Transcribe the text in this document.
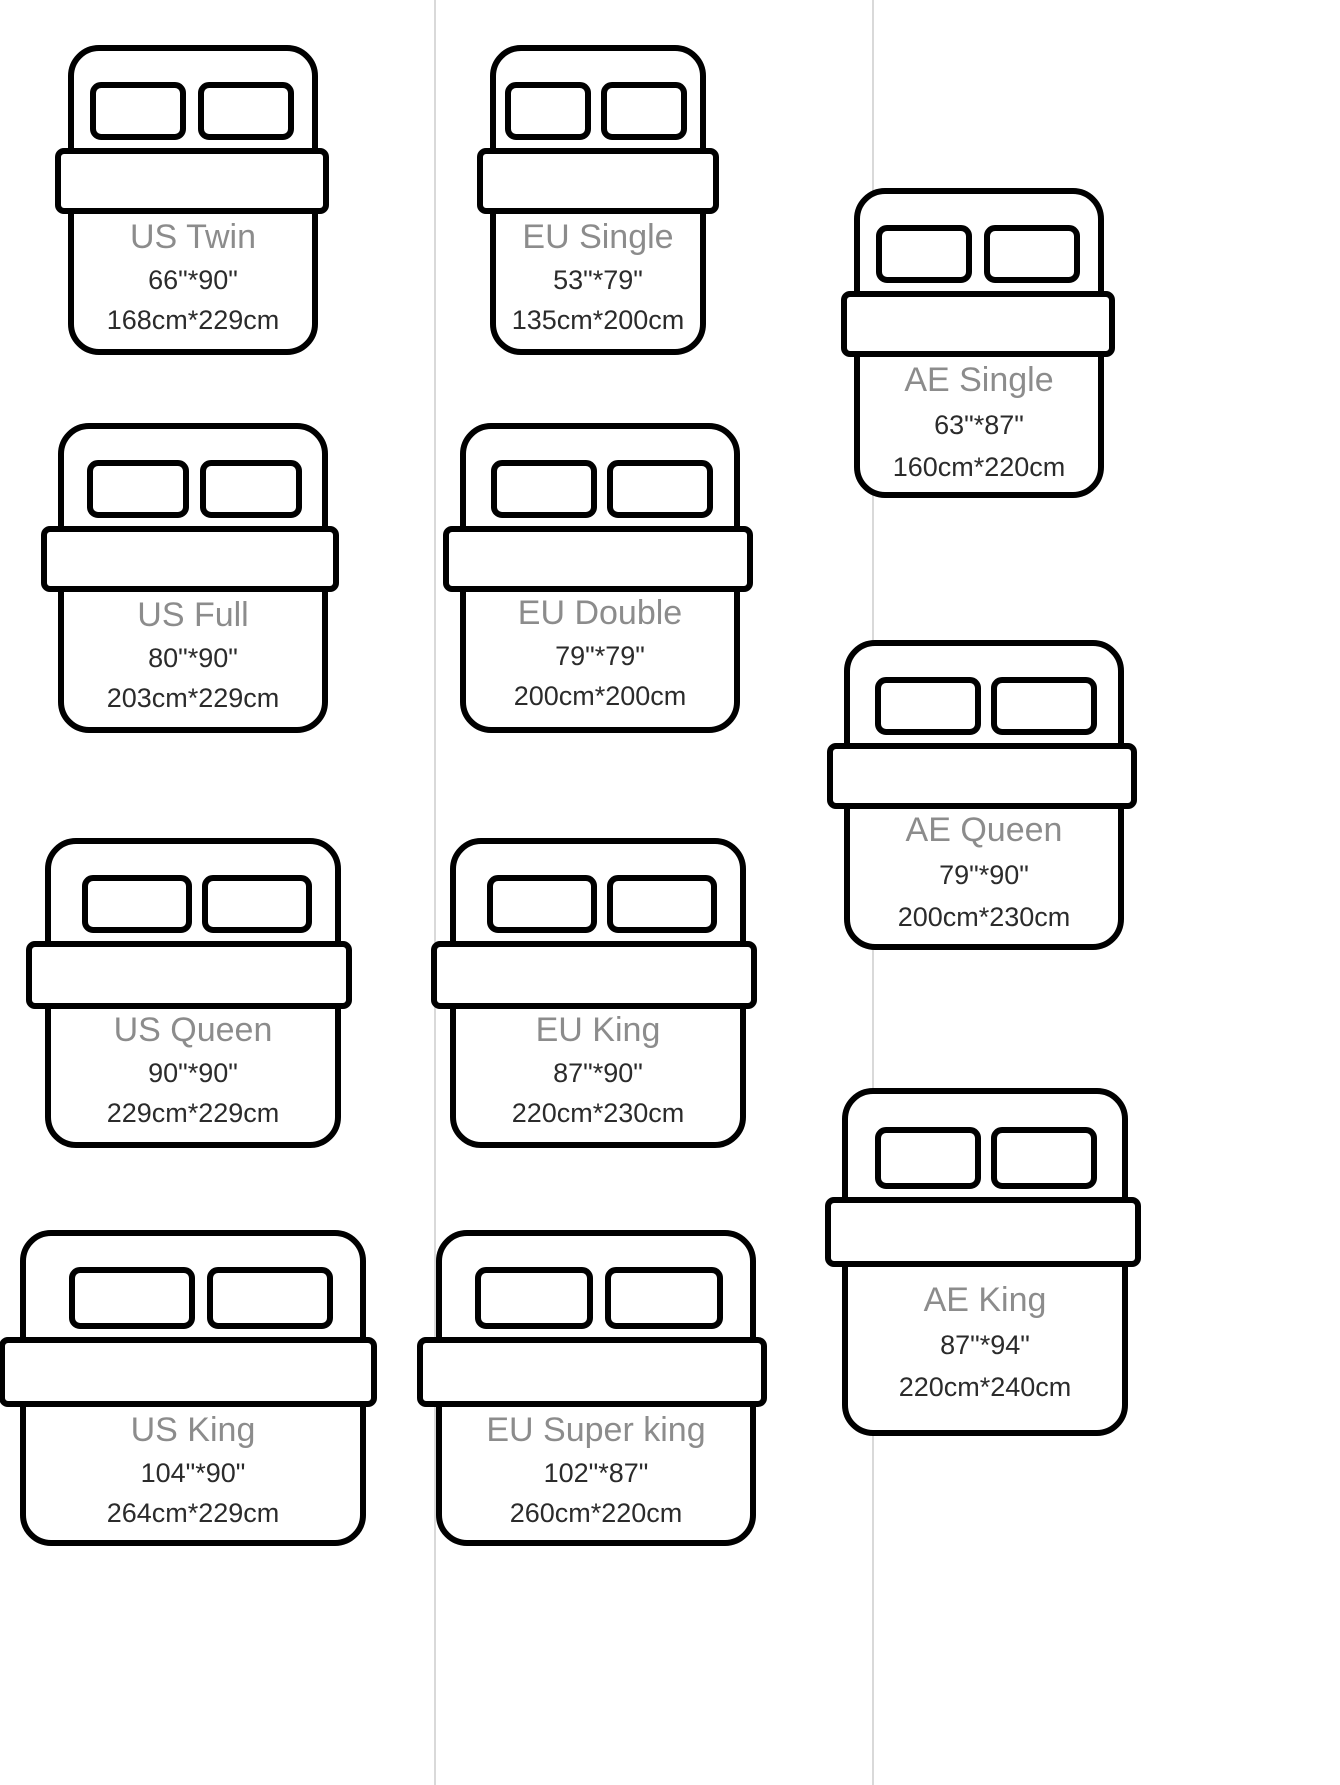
US Twin
66"*90"
168cm*229cm
US Full
80"*90"
203cm*229cm
US Queen
90"*90"
229cm*229cm
US King
104"*90"
264cm*229cm
EU Single
53"*79"
135cm*200cm
EU Double
79"*79"
200cm*200cm
EU King
87"*90"
220cm*230cm
EU Super king
102"*87"
260cm*220cm
AE Single
63"*87"
160cm*220cm
AE Queen
79"*90"
200cm*230cm
AE King
87"*94"
220cm*240cm
